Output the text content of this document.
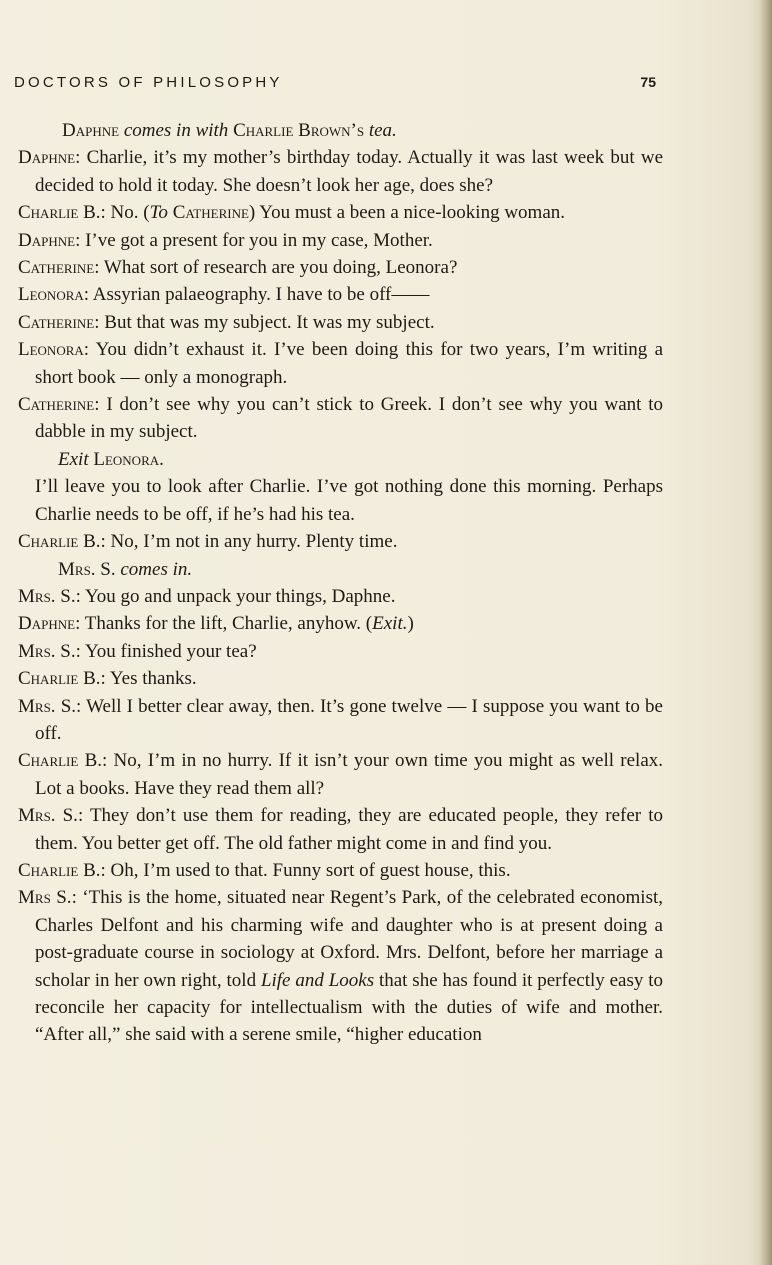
DOCTORS OF PHILOSOPHY	75

Daphne comes in with Charlie Brown’s tea.

Daphne: Charlie, it’s my mother’s birthday today. Actually it was last week but we decided to hold it today. She doesn’t look her age, does she?

Charlie B.: No. (To Catherine) You must a been a nice-looking woman.

Daphne: I’ve got a present for you in my case, Mother.

Catherine: What sort of research are you doing, Leonora?

Leonora: Assyrian palaeography. I have to be off——

Catherine: But that was my subject. It was my subject.

Leonora: You didn’t exhaust it. I’ve been doing this for two years, I’m writing a short book — only a monograph.

Catherine: I don’t see why you can’t stick to Greek. I don’t see why you want to dabble in my subject.

Exit Leonora.

I’ll leave you to look after Charlie. I’ve got nothing done this morning. Perhaps Charlie needs to be off, if he’s had his tea.

Charlie B.: No, I’m not in any hurry. Plenty time.

Mrs. S. comes in.

Mrs. S.: You go and unpack your things, Daphne.

Daphne: Thanks for the lift, Charlie, anyhow. (Exit.)

Mrs. S.: You finished your tea?

Charlie B.: Yes thanks.

Mrs. S.: Well I better clear away, then. It’s gone twelve — I suppose you want to be off.

Charlie B.: No, I’m in no hurry. If it isn’t your own time you might as well relax. Lot a books. Have they read them all?

Mrs. S.: They don’t use them for reading, they are educated people, they refer to them. You better get off. The old father might come in and find you.

Charlie B.: Oh, I’m used to that. Funny sort of guest house, this.

Mrs S.: ‘This is the home, situated near Regent’s Park, of the celebrated economist, Charles Delfont and his charming wife and daughter who is at present doing a post-graduate course in sociology at Oxford. Mrs. Delfont, before her marriage a scholar in her own right, told Life and Looks that she has found it perfectly easy to reconcile her capacity for intellectualism with the duties of wife and mother. “After all,” she said with a serene smile, “higher education
